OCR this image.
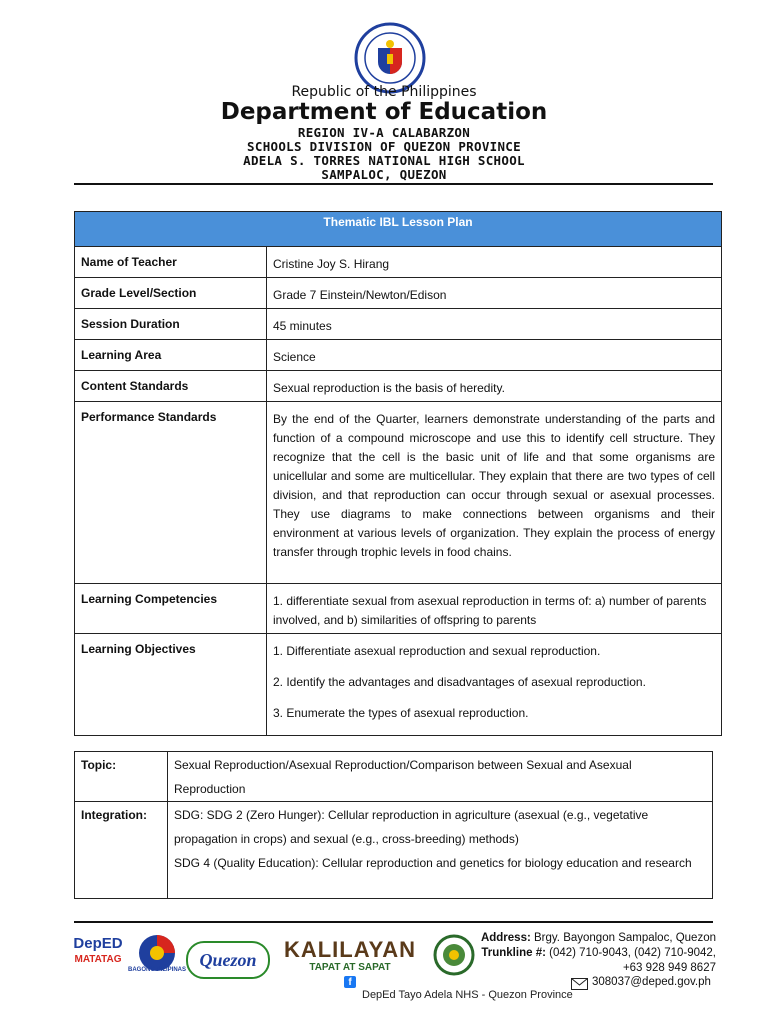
Republic of the Philippines
Department of Education
REGION IV-A CALABARZON
SCHOOLS DIVISION OF QUEZON PROVINCE
ADELA S. TORRES NATIONAL HIGH SCHOOL
SAMPALOC, QUEZON
Thematic IBL Lesson Plan	
Name of Teacher	Cristine Joy S. Hirang
Grade Level/Section	Grade 7 Einstein/Newton/Edison
Session Duration	45 minutes
Learning Area	Science
Content Standards	Sexual reproduction is the basis of heredity.
Performance Standards	By the end of the Quarter, learners demonstrate understanding of the parts and function of a compound microscope and use this to identify cell structure. They recognize that the cell is the basic unit of life and that some organisms are unicellular and some are multicellular. They explain that there are two types of cell division, and that reproduction can occur through sexual or asexual processes. They use diagrams to make connections between organisms and their environment at various levels of organization. They explain the process of energy transfer through trophic levels in food chains.
Learning Competencies	1. differentiate sexual from asexual reproduction in terms of: a) number of parents involved, and b) similarities of offspring to parents
Learning Objectives	1. Differentiate asexual reproduction and sexual reproduction.

2. Identify the advantages and disadvantages of asexual reproduction.

3. Enumerate the types of asexual reproduction.

Topic:	Sexual Reproduction/Asexual Reproduction/Comparison between Sexual and Asexual Reproduction
Integration:	SDG: SDG 2 (Zero Hunger): Cellular reproduction in agriculture (asexual (e.g., vegetative propagation in crops) and sexual (e.g., cross-breeding) methods)
SDG 4 (Quality Education): Cellular reproduction and genetics for biology education and research
DepED
MATATAG
BAGONG PILIPINAS Quezon	KALILAYAN
TAPAT AT SAPAT
Address: Brgy. Bayongon Sampaloc, Quezon
Trunkline #: (042) 710-9043, (042) 710-9042,
+63 928 949 8627
308037@deped.gov.ph
f
DepEd Tayo Adela NHS - Quezon Province
